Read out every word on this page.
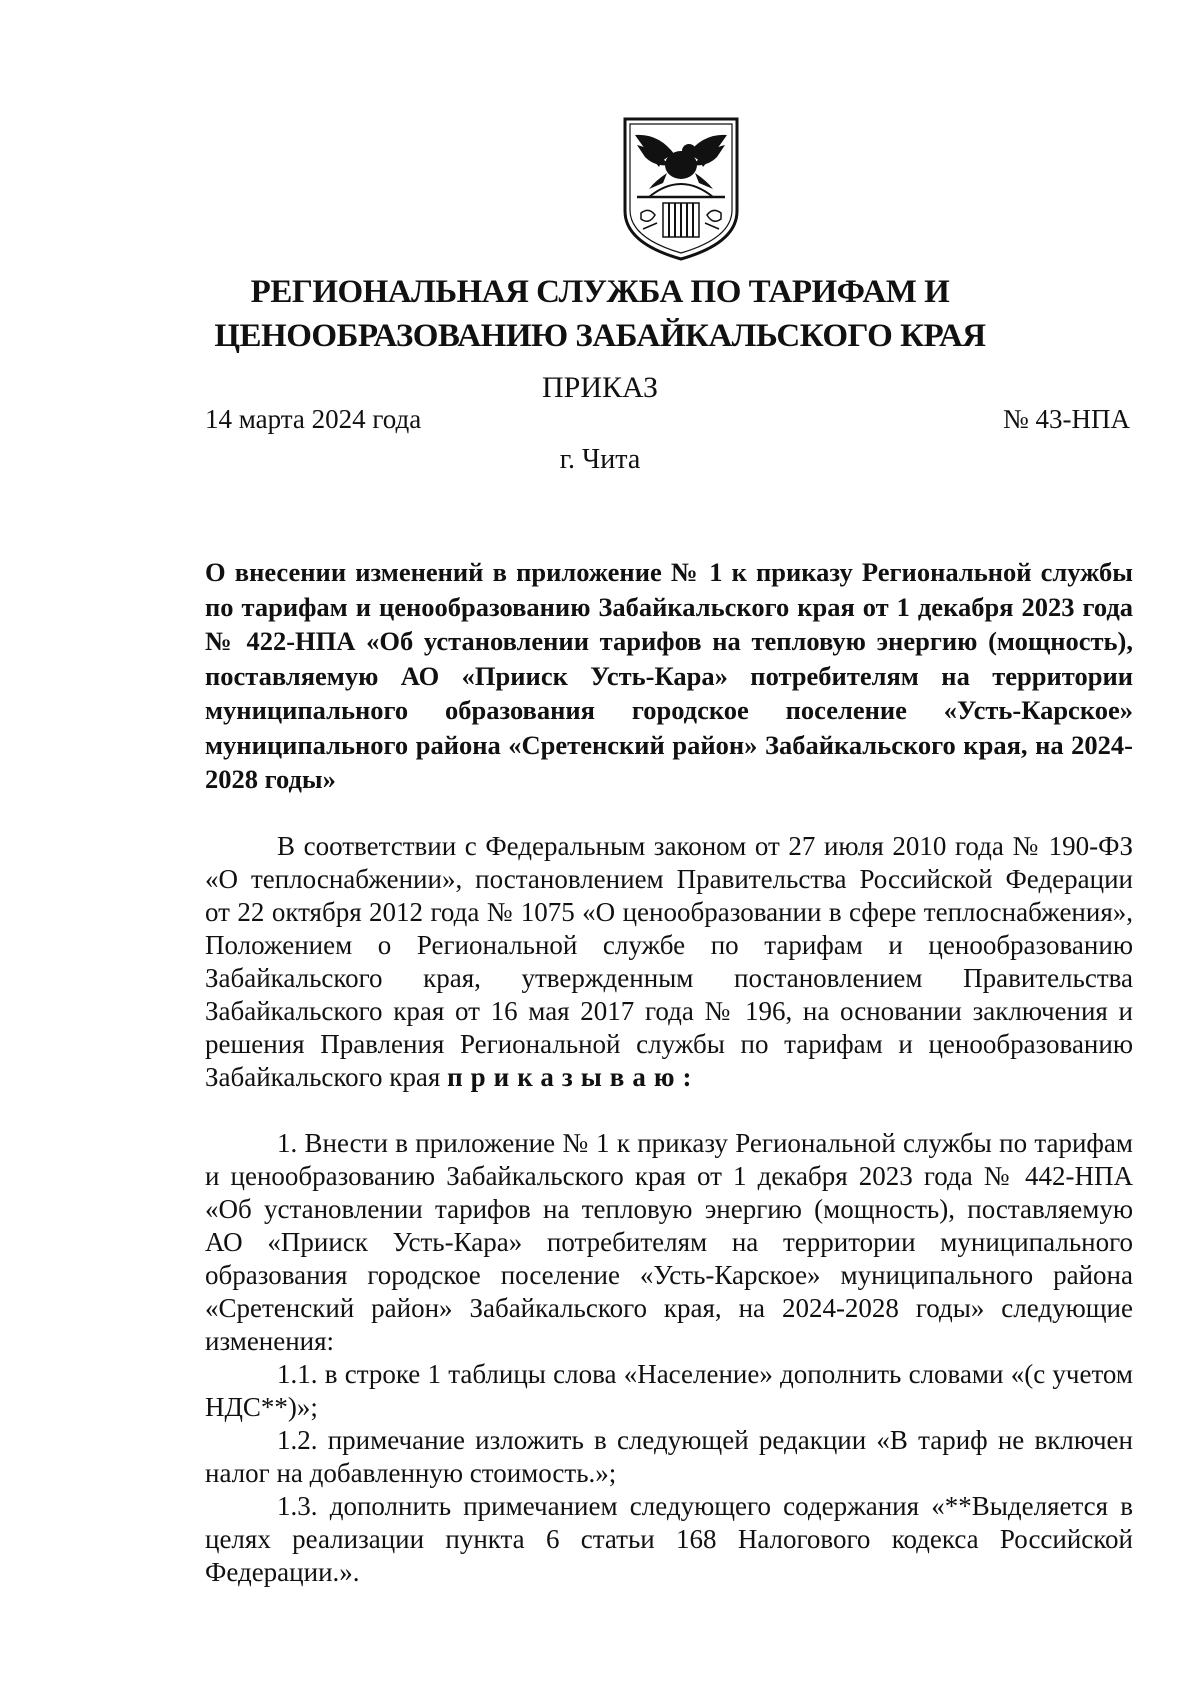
РЕГИОНАЛЬНАЯ СЛУЖБА ПО ТАРИФАМ И
ЦЕНООБРАЗОВАНИЮ ЗАБАЙКАЛЬСКОГО КРАЯ
ПРИКАЗ
14 марта 2024 года	№ 43-НПА
г. Чита
О внесении изменений в приложение № 1 к приказу Региональной службы по тарифам и ценообразованию Забайкальского края от 1 декабря 2023 года № 422-НПА «Об установлении тарифов на тепловую энергию (мощность), поставляемую АО «Прииск Усть-Кара» потребителям на территории муниципального образования городское поселение «Усть-Карское» муниципального района «Сретенский район» Забайкальского края, на 2024-2028 годы»

В соответствии с Федеральным законом от 27 июля 2010 года № 190-ФЗ «О теплоснабжении», постановлением Правительства Российской Федерации от 22 октября 2012 года № 1075 «О ценообразовании в сфере теплоснабжения», Положением о Региональной службе по тарифам и ценообразованию Забайкальского края, утвержденным постановлением Правительства Забайкальского края от 16 мая 2017 года № 196, на основании заключения и решения Правления Региональной службы по тарифам и ценообразованию Забайкальского края приказываю:

1. Внести в приложение № 1 к приказу Региональной службы по тарифам и ценообразованию Забайкальского края от 1 декабря 2023 года № 442-НПА «Об установлении тарифов на тепловую энергию (мощность), поставляемую АО «Прииск Усть-Кара» потребителям на территории муниципального образования городское поселение «Усть-Карское» муниципального района «Сретенский район» Забайкальского края, на 2024-2028 годы» следующие изменения:

1.1. в строке 1 таблицы слова «Население» дополнить словами «(с учетом НДС**)»;

1.2. примечание изложить в следующей редакции «В тариф не включен налог на добавленную стоимость.»;

1.3. дополнить примечанием следующего содержания «**Выделяется в целях реализации пункта 6 статьи 168 Налогового кодекса Российской Федерации.».
